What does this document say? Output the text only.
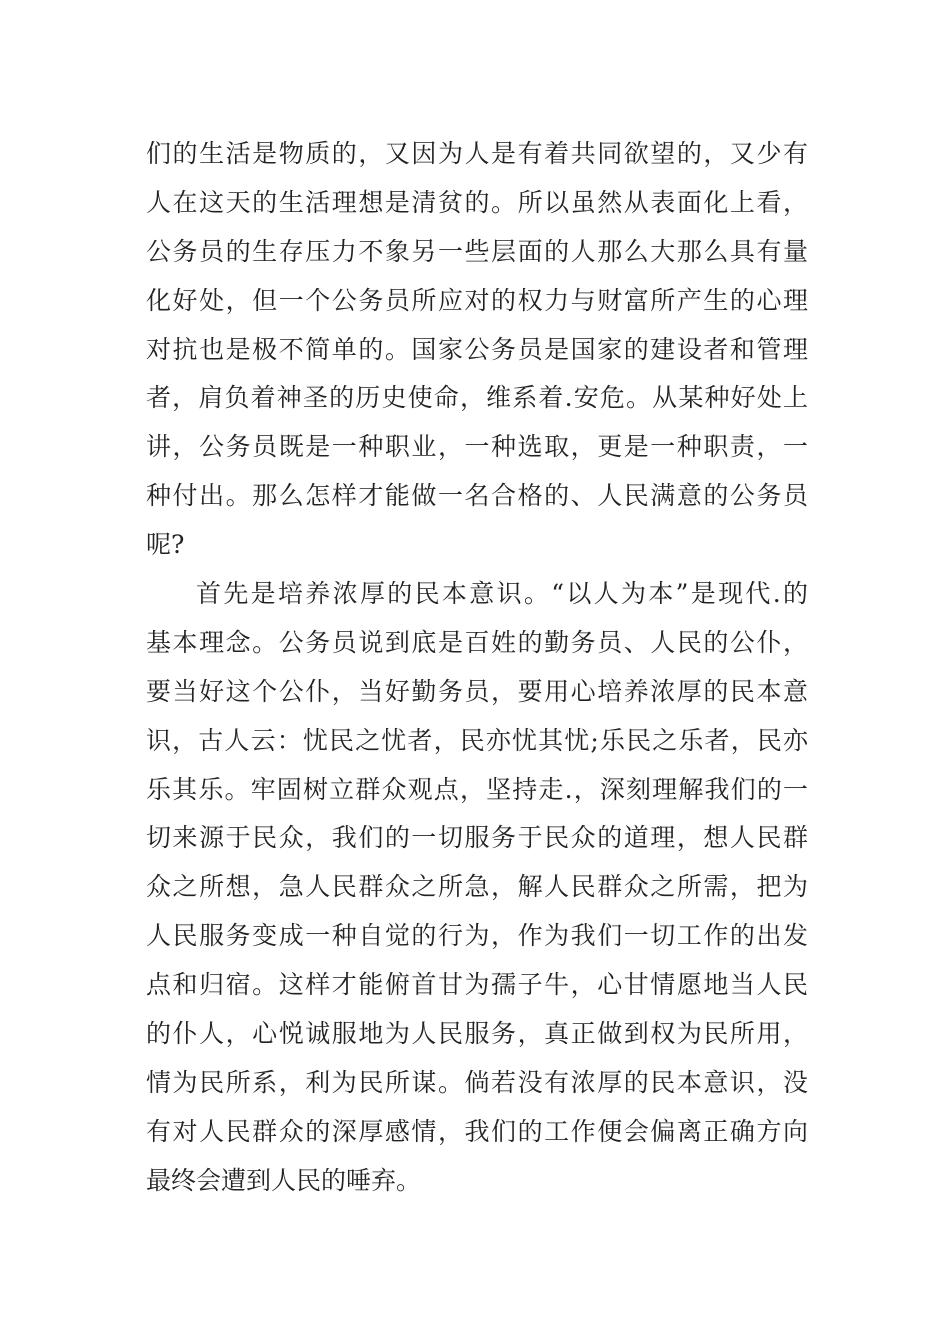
们的生活是物质的，又因为人是有着共同欲望的，又少有
人在这天的生活理想是清贫的。所以虽然从表面化上看，
公务员的生存压力不象另一些层面的人那么大那么具有量
化好处，但一个公务员所应对的权力与财富所产生的心理
对抗也是极不简单的。国家公务员是国家的建设者和管理
者，肩负着神圣的历史使命，维系着.安危。从某种好处上
讲，公务员既是一种职业，一种选取，更是一种职责，一
种付出。那么怎样才能做一名合格的、人民满意的公务员
呢?
首先是培养浓厚的民本意识。“以人为本”是现代.的
基本理念。公务员说到底是百姓的勤务员、人民的公仆，
要当好这个公仆，当好勤务员，要用心培养浓厚的民本意
识，古人云：忧民之忧者，民亦忧其忧;乐民之乐者，民亦
乐其乐。牢固树立群众观点，坚持走.，深刻理解我们的一
切来源于民众，我们的一切服务于民众的道理，想人民群
众之所想，急人民群众之所急，解人民群众之所需，把为
人民服务变成一种自觉的行为，作为我们一切工作的出发
点和归宿。这样才能俯首甘为孺子牛，心甘情愿地当人民
的仆人，心悦诚服地为人民服务，真正做到权为民所用，
情为民所系，利为民所谋。倘若没有浓厚的民本意识，没
有对人民群众的深厚感情，我们的工作便会偏离正确方向
最终会遭到人民的唾弃。
